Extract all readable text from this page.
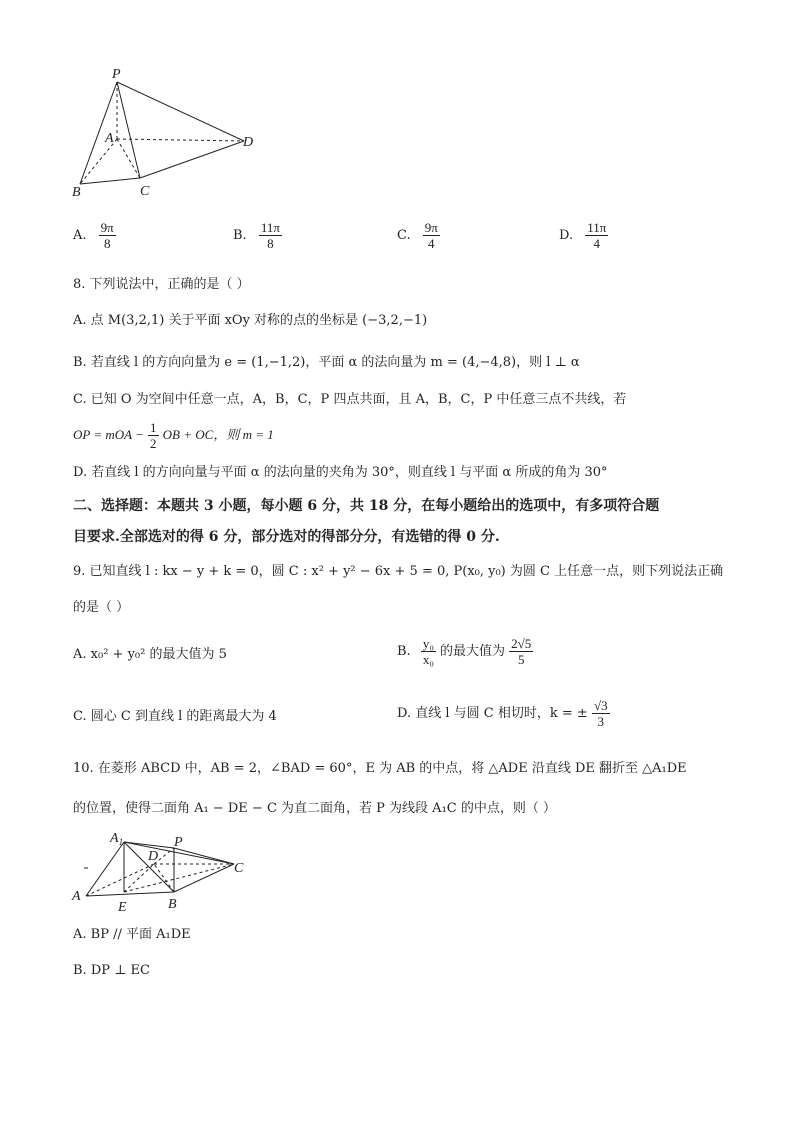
P
A
B	C
D
A. $\frac{9\pi}{8}$	B. $\frac{11\pi}{8}$	C. $\frac{9\pi}{4}$	D. $\frac{11\pi}{4}$
8. 下列说法中，正确的是（ ）
A. 点 M(3,2,1) 关于平面 xOy 对称的点的坐标是 (−3,2,−1)
B. 若直线 l 的方向向量为 e = (1,−1,2)，平面 α 的法向量为 m = (4,−4,8)，则 l ⊥ α
C. 已知 O 为空间中任意一点，A，B，C，P 四点共面，且 A，B，C，P 中任意三点不共线，若
OP = mOA − $\frac{1}{2}$ OB + OC，则 m = 1
D. 若直线 l 的方向向量与平面 α 的法向量的夹角为 30°，则直线 l 与平面 α 所成的角为 30°
二、选择题：本题共 3 小题，每小题 6 分，共 18 分，在每小题给出的选项中，有多项符合题
目要求.全部选对的得 6 分，部分选对的得部分分，有选错的得 0 分.
9. 已知直线 l : kx − y + k = 0，圆 C : x² + y² − 6x + 5 = 0, P(x₀, y₀) 为圆 C 上任意一点，则下列说法正确
的是（ ）
A. x₀² + y₀² 的最大值为 5	B. $\frac{\text{y₀}}{\text{x₀}}$ 的最大值为 $\frac{2√5}{5}$
C. 圆心 C 到直线 l 的距离最大为 4	D. 直线 l 与圆 C 相切时，k = ± $\frac{√3}{3}$
10. 在菱形 ABCD 中，AB = 2，∠BAD = 60°，E 为 AB 的中点，将 △ADE 沿直线 DE 翻折至 △A₁DE
的位置，使得二面角 A₁ − DE − C 为直二面角，若 P 为线段 A₁C 的中点，则（ ）
$A_1$	P
D
C
A
E	B
A. BP // 平面 A₁DE
B. DP ⊥ EC
